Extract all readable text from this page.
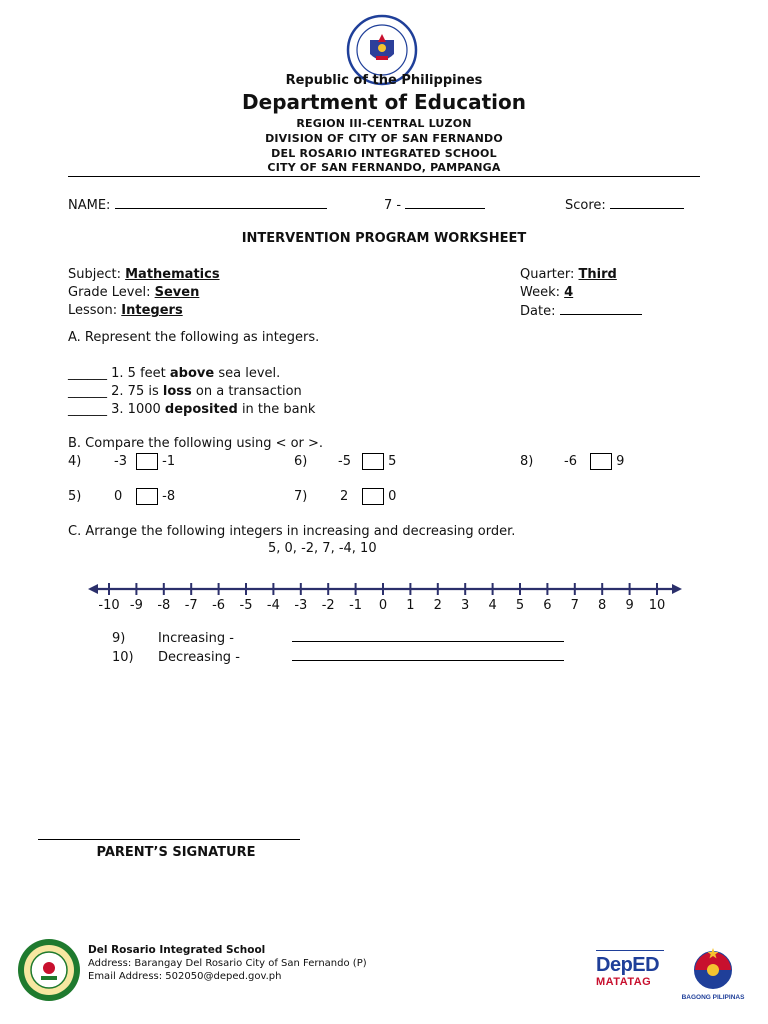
Republic of the Philippines
Department of Education
REGION III-CENTRAL LUZON
DIVISION OF CITY OF SAN FERNANDO
DEL ROSARIO INTEGRATED SCHOOL
CITY OF SAN FERNANDO, PAMPANGA
NAME:	7 -	Score:
INTERVENTION PROGRAM WORKSHEET
Subject: Mathematics
Grade Level: Seven
Lesson: Integers
Quarter: Third
Week: 4
Date:
A. Represent the following as integers.
______ 1. 5 feet above sea level.
______ 2. 75 is loss on a transaction
______ 3. 1000 deposited in the bank
B. Compare the following using < or >.
4)	-3	-1	6) -5	5	8) -6	9
5)	0	-8	7)	2	0
C. Arrange the following integers in increasing and decreasing order.
5, 0, -2, 7, -4, 10
-10 -9 -8 -7 -6 -5 -4 -3 -2 -1 0 1 2 3 4 5 6 7 8 9 10
9)	Increasing -
10) Decreasing -
PARENT’S SIGNATURE
Del Rosario Integrated School
Address: Barangay Del Rosario City of San Fernando (P)
Email Address: 502050@deped.gov.ph
DepED
MATATAG
BAGONG PILIPINAS
